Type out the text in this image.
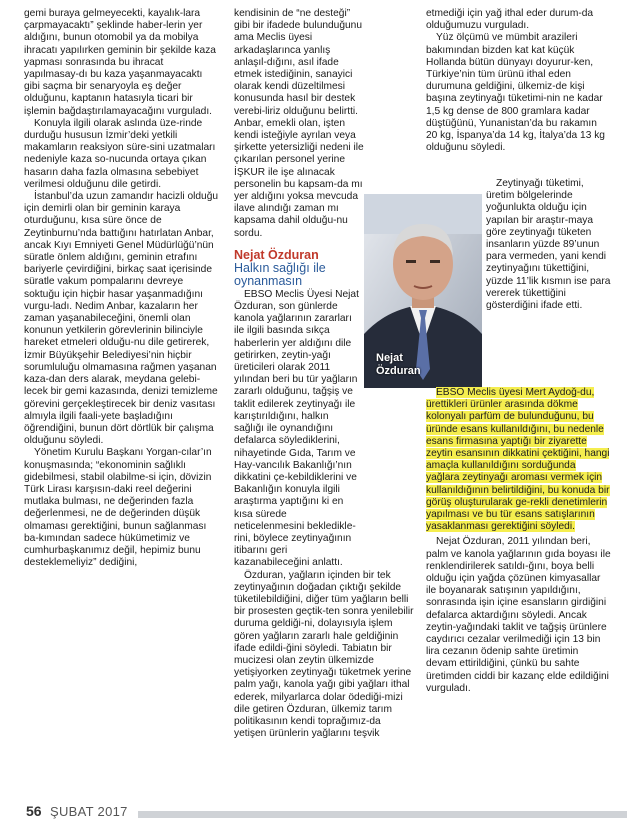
gemi buraya gelmeyecekti, kayalık-lara çarpmayacaktı” şeklinde haber-lerin yer aldığını, bunun otomobil ya da mobilya ihracatı yapılırken geminin bir şekilde kaza yapması sonrasında bu ihracat yapılmasay-dı bu kaza yaşanmayacaktı gibi saçma bir senaryoyla eş değer olduğunu, kaptanın hatasıyla ticari bir işlemin bağdaştırılamayacağını vurguladı.

Konuyla ilgili olarak aslında üze-rinde durduğu hususun İzmir’deki yetkili makamların reaksiyon süre-sini uzatmaları nedeniyle kaza so-nucunda ortaya çıkan hasarın daha fazla olmasına sebebiyet verilmesi olduğunu dile getirdi.

İstanbul’da uzun zamandır hacizli olduğu için demirli olan bir geminin karaya oturduğunu, kısa süre önce de Zeytinburnu’nda battığını hatırlatan Anbar, ancak Kıyı Emniyeti Genel Müdürlüğü’nün süratle önlem aldığını, geminin etrafını bariyerle çevirdiğini, birkaç saat içerisinde süratle vakum pompalarını devreye soktuğu için hiçbir hasar yaşanmadığını vurgu-ladı. Nedim Anbar, kazaların her zaman yaşanabileceğini, önemli olan konunun yetkilerin görevlerinin bilinciyle hareket etmeleri olduğu-nu dile getirerek, İzmir Büyükşehir Belediyesi’nin hiçbir sorumluluğu olmamasına rağmen yaşanan kaza-dan ders alarak, meydana gelebi-lecek bir gemi kazasında, denizi temizleme görevini gerçekleştirecek bir deniz vasıtası almıyla ilgili faali-yete başladığını öğrendiğini, bunun dört dörtlük bir çalışma olduğunu söyledi.

Yönetim Kurulu Başkanı Yorgan-cılar’ın konuşmasında; “ekonominin sağlıklı gidebilmesi, stabil olabilme-si için, dövizin Türk Lirası karşısın-daki reel değerini mutlaka bulması, ne değerinden fazla değerlenmesi, ne de değerinden düşük olmaması gerektiğini, bunun sağlanması ba-kımından sadece hükümetimiz ve cumhurbaşkanımız değil, hepimiz bunu desteklemeliyiz” dediğini,

kendisinin de “ne desteği” gibi bir ifadede bulunduğunu ama Meclis üyesi arkadaşlarınca yanlış anlaşıl-dığını, asıl ifade etmek istediğinin, sanayici olarak kendi düzeltilmesi konusunda hasıl bir destek verebi-liriz olduğunu belirtti. Anbar, emekli olan, işten kendi isteğiyle ayrılan veya şirkette yetersizliği nedeni ile çıkarılan personel yerine İŞKUR ile işe alınacak personelin bu kapsam-da mı yer aldığını yoksa mevcuda ilave alındığı zaman mı kapsama dahil olduğu-nu sordu.

Nejat Özduran
Halkın sağlığı ile oynanmasın

EBSO Meclis Üyesi Nejat Özduran, son günlerde kanola yağlarının zararları ile ilgili basında sıkça haberlerin yer aldığını dile getirirken, zeytin-yağı üreticileri olarak 2011 yılından beri bu tür yağların zararlı olduğunu, tağşiş ve taklit edilerek zeytinyağı ile karıştırıldığını, halkın sağlığı ile oynandığını defalarca söylediklerini, nihayetinde Gıda, Tarım ve Hay-vancılık Bakanlığı’nın dikkatini çe-kebildiklerini ve Bakanlığın konuyla ilgili araştırma yaptığını ki en kısa sürede neticelenmesini beklediklе-rini, böylece zeytinyağının itibarını geri kazanabileceğini anlattı.

Özduran, yağların içinden bir tek zeytinyağının doğadan çıktığı şekilde tüketilebildiğini, diğer tüm yağların belli bir prosesten geçtik-ten sonra yenilebilir duruma geldiği-ni, dolayısıyla işlem gören yağların zararlı hale geldiğinin ifade edildi-ğini söyledi. Tabiatın bir mucizesi olan zeytin ülkemizde yetişiyorken zeytinyağı tüketmek yerine palm yağı, kanola yağı gibi yağları ithal ederek, milyarlarca dolar ödediği-mizi dile getiren Özduran, ülkemiz tarım politikasının kendi toprağımız-da yetişen ürünlerin yağlarını teşvik

Nejat Özduran

etmediği için yağ ithal eder durum-da olduğumuzu vurguladı.

Yüz ölçümü ve mümbit arazileri bakımından bizden kat kat küçük Hollanda bütün dünyayı doyurur-ken, Türkiye’nin tüm ürünü ithal eden durumuna geldiğini, ülkemiz-de kişi başına zeytinyağı tüketimi-nin ne kadar 1,5 kg dense de 800 gramlara kadar düştüğünü, Yunanistan’da bu rakamın 20 kg, İspanya’da 14 kg, İtalya’da 13 kg olduğunu söyledi.

Zeytinyağı tüketimi, üretim bölgelerinde yoğunlukta olduğu için yapılan bir araştır-maya göre zeytinyağı tüketen insanların yüzde 89’unun para vermeden, yani kendi zeytinyağını tükettiğini, yüzde 11’lik kısmın ise para vererek tükettiğini gösterdiğini ifade etti.

EBSO Meclis üyesi Mert Aydoğ-du, ürettikleri ürünler arasında dökme kolonyalı parfüm de bulunduğunu, bu üründe esans kullanıldığını, bu nedenle esans firmasına yaptığı bir ziyarette zeytin esansının dikkatini çektiğini, hangi amaçla kullanıldığını sorduğunda yağlara zeytinyağı aroması vermek için kullanıldığının belirtildiğini, bu konuda bir görüş oluşturularak ge-rekli denetimlerin yapılması ve bu tür esans satışlarının yasaklanması gerektiğini söyledi.

Nejat Özduran, 2011 yılından beri, palm ve kanola yağlarının gıda boyası ile renklendirilerek satıldı-ğını, boya belli olduğu için yağda çözünen kimyasallar ile boyanarak satışının yapıldığını, sonrasında işin içine esansların girdiğini defalarca aktardığını söyledi. Ancak zeytin-yağındaki taklit ve tağşiş ürünlere caydırıcı cezalar verilmediği için 13 bin lira cezanın ödenip sahte üretimin devam ettirildiğini, çünkü bu sahte üretimden ciddi bir kazanç elde edildiğini vurguladı.

56 ŞUBAT 2017
